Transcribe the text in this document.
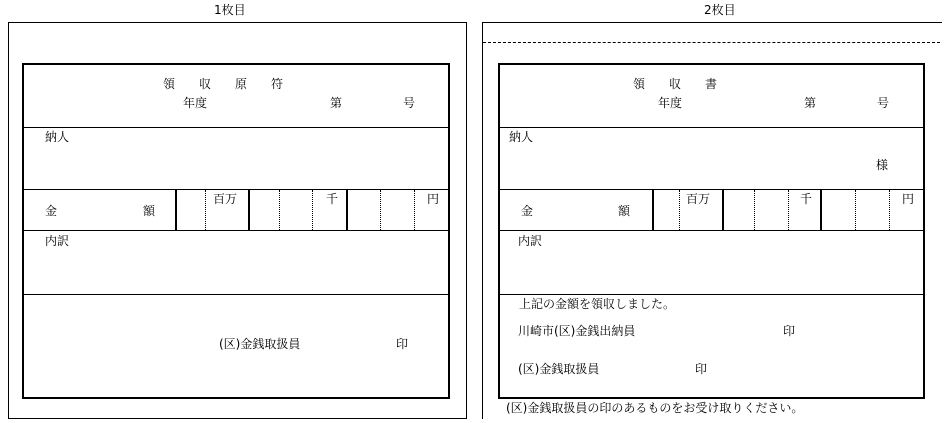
1枚目
領　　収　　原　　符
年度	第	号
納人
金	額
百万	千	円
内訳
(区)金銭取扱員	印
2枚目
領　　収　　書
年度	第	号
納人
様
金	額
百万	千	円
内訳
上記の金額を領収しました。
川崎市(区)金銭出納員	印
(区)金銭取扱員	印
(区)金銭取扱員の印のあるものをお受け取りください。
